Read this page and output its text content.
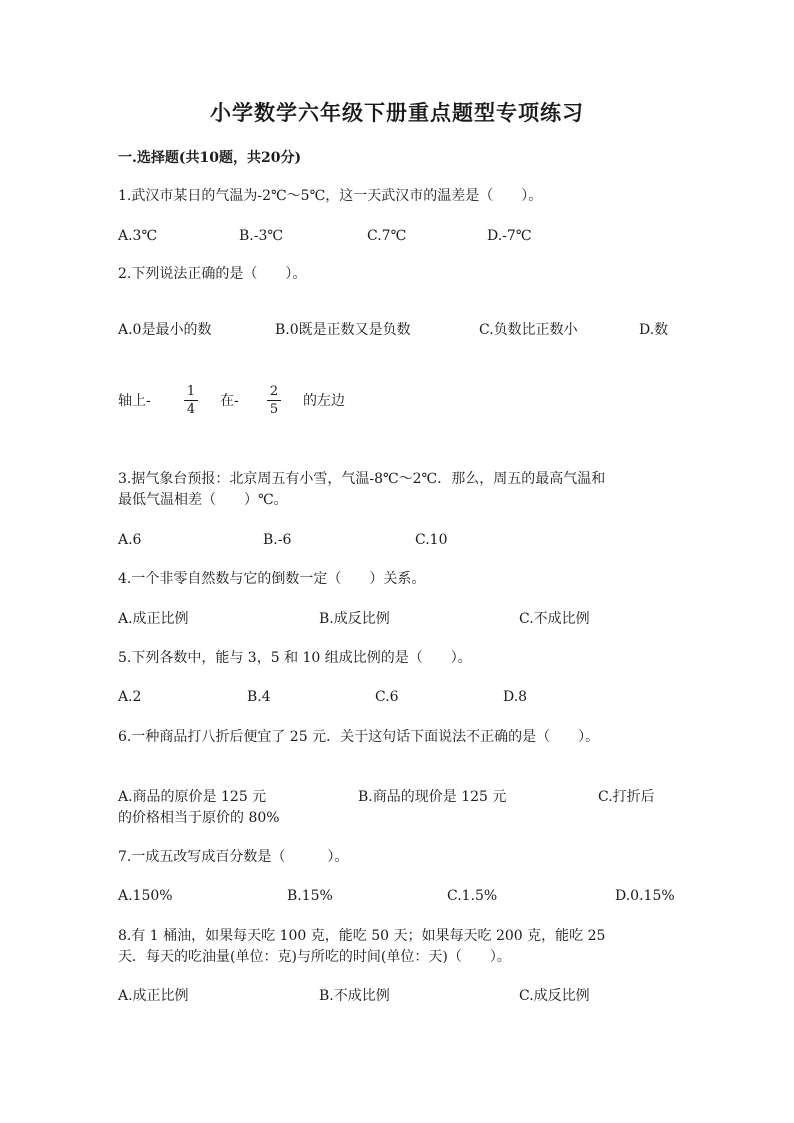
小学数学六年级下册重点题型专项练习
一.选择题(共10题，共20分)
1.武汉市某日的气温为-2℃～5℃，这一天武汉市的温差是（　　）。
A.3℃	B.-3℃	C.7℃	D.-7℃
2.下列说法正确的是（　　）。
A.0是最小的数	B.0既是正数又是负数	C.负数比正数小	D.数
轴上-
1
4
在-
2
5
的左边
3.据气象台预报：北京周五有小雪，气温-8℃～2℃．那么，周五的最高气温和
最低气温相差（　　）℃。
A.6	B.-6	C.10
4.一个非零自然数与它的倒数一定（　　）关系。
A.成正比例	B.成反比例	C.不成比例
5.下列各数中，能与 3，5 和 10 组成比例的是（　　）。
A.2	B.4	C.6	D.8
6.一种商品打八折后便宜了 25 元．关于这句话下面说法不正确的是（　　）。
A.商品的原价是 125 元	B.商品的现价是 125 元	C.打折后
的价格相当于原价的 80%
7.一成五改写成百分数是（　　　）。
A.150%	B.15%	C.1.5%	D.0.15%
8.有 1 桶油，如果每天吃 100 克，能吃 50 天；如果每天吃 200 克，能吃 25
天．每天的吃油量(单位：克)与所吃的时间(单位：天)（　　）。
A.成正比例	B.不成比例	C.成反比例
